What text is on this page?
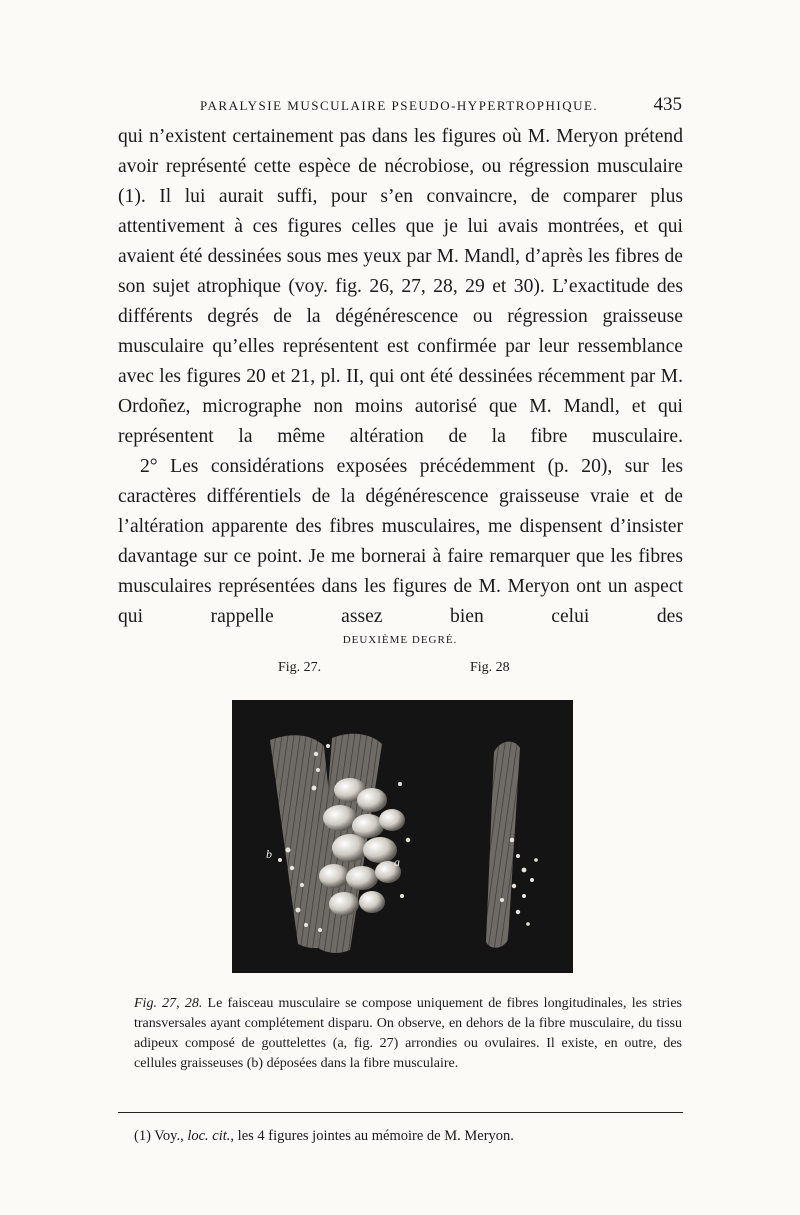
PARALYSIE MUSCULAIRE PSEUDO-HYPERTROPHIQUE.	435

qui n’existent certainement pas dans les figures où M. Meryon prétend avoir représenté cette espèce de nécrobiose, ou régression musculaire (1). Il lui aurait suffi, pour s’en convaincre, de comparer plus attentivement à ces figures celles que je lui avais montrées, et qui avaient été dessinées sous mes yeux par M. Mandl, d’après les fibres de son sujet atrophique (voy. fig. 26, 27, 28, 29 et 30). L’exactitude des différents degrés de la dégénérescence ou régression graisseuse musculaire qu’elles représentent est confirmée par leur ressemblance avec les figures 20 et 21, pl. II, qui ont été dessinées récemment par M. Ordoñez, micrographe non moins autorisé que M. Mandl, et qui représentent la même altération de la fibre musculaire.

2° Les considérations exposées précédemment (p. 20), sur les caractères différentiels de la dégénérescence graisseuse vraie et de l’altération apparente des fibres musculaires, me dispensent d’insister davantage sur ce point. Je me bornerai à faire remarquer que les fibres musculaires représentées dans les figures de M. Meryon ont un aspect qui rappelle assez bien celui des

DEUXIÈME DEGRÉ.
Fig. 27.	Fig. 28
b
a
Fig. 27, 28. Le faisceau musculaire se compose uniquement de fibres longitudinales, les stries transversales ayant complétement disparu. On observe, en dehors de la fibre musculaire, du tissu adipeux composé de gouttelettes (a, fig. 27) arrondies ou ovulaires. Il existe, en outre, des cellules graisseuses (b) déposées dans la fibre musculaire.
(1) Voy., loc. cit., les 4 figures jointes au mémoire de M. Meryon.
